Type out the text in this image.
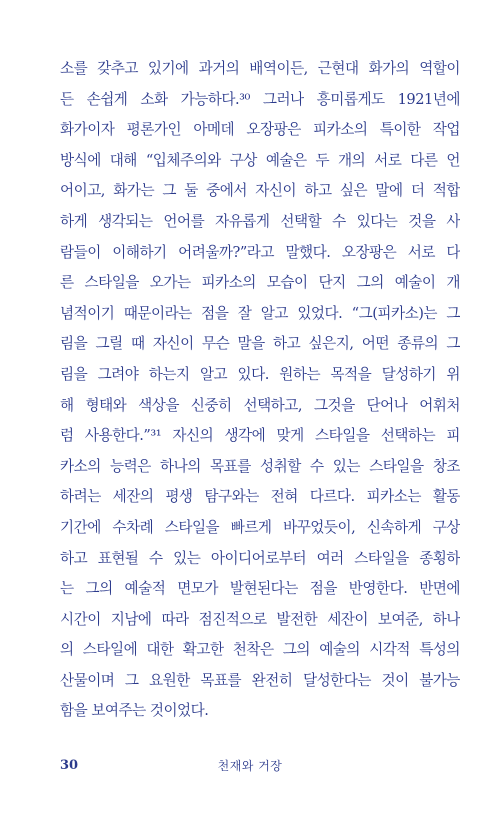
소를 갖추고 있기에 과거의 배역이든, 근현대 화가의 역할이
든 손쉽게 소화 가능하다.³⁰ 그러나 흥미롭게도 1921년에
화가이자 평론가인 아메데 오장팡은 피카소의 특이한 작업
방식에 대해 “입체주의와 구상 예술은 두 개의 서로 다른 언
어이고, 화가는 그 둘 중에서 자신이 하고 싶은 말에 더 적합
하게 생각되는 언어를 자유롭게 선택할 수 있다는 것을 사
람들이 이해하기 어려울까?”라고 말했다. 오장팡은 서로 다
른 스타일을 오가는 피카소의 모습이 단지 그의 예술이 개
념적이기 때문이라는 점을 잘 알고 있었다. “그(피카소)는 그
림을 그릴 때 자신이 무슨 말을 하고 싶은지, 어떤 종류의 그
림을 그려야 하는지 알고 있다. 원하는 목적을 달성하기 위
해 형태와 색상을 신중히 선택하고, 그것을 단어나 어휘처
럼 사용한다.”³¹ 자신의 생각에 맞게 스타일을 선택하는 피
카소의 능력은 하나의 목표를 성취할 수 있는 스타일을 창조
하려는 세잔의 평생 탐구와는 전혀 다르다. 피카소는 활동
기간에 수차례 스타일을 빠르게 바꾸었듯이, 신속하게 구상
하고 표현될 수 있는 아이디어로부터 여러 스타일을 종횡하
는 그의 예술적 면모가 발현된다는 점을 반영한다. 반면에
시간이 지남에 따라 점진적으로 발전한 세잔이 보여준, 하나
의 스타일에 대한 확고한 천착은 그의 예술의 시각적 특성의
산물이며 그 요원한 목표를 완전히 달성한다는 것이 불가능
함을 보여주는 것이었다.
30	천재와 거장
